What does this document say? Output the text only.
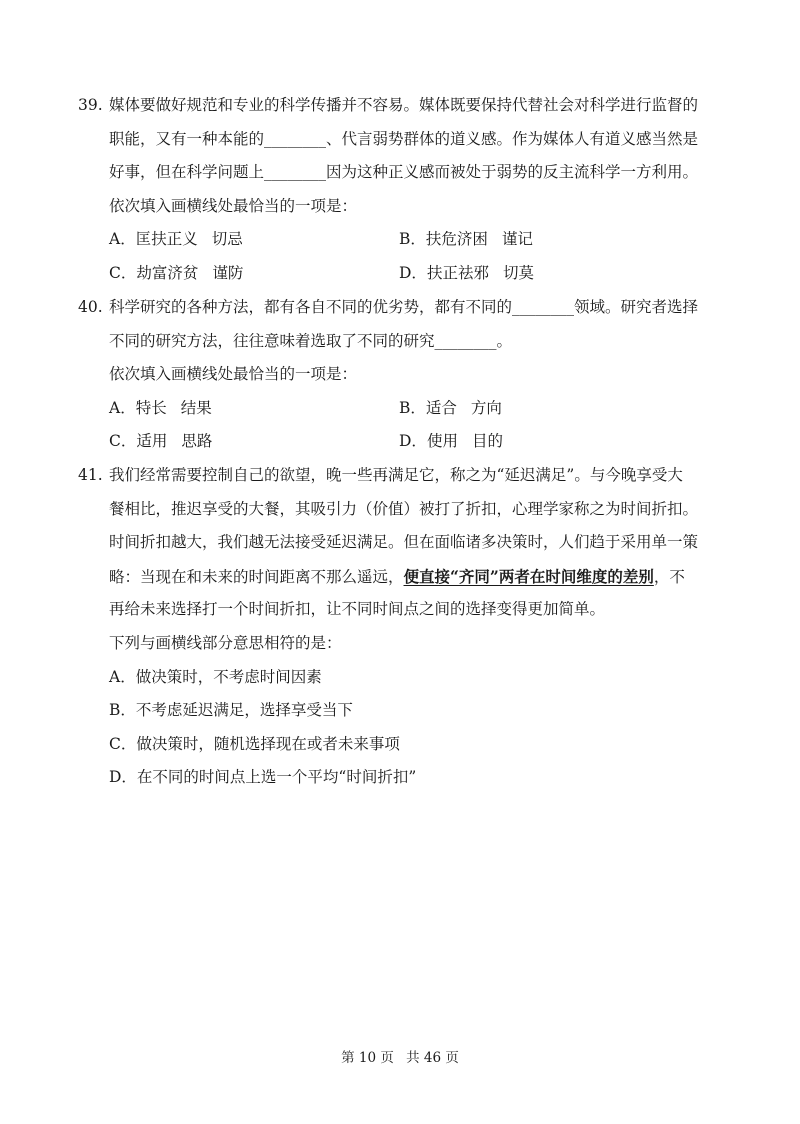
39. 媒体要做好规范和专业的科学传播并不容易。媒体既要保持代替社会对科学进行监督的
职能，又有一种本能的________、代言弱势群体的道义感。作为媒体人有道义感当然是
好事，但在科学问题上________因为这种正义感而被处于弱势的反主流科学一方利用。
依次填入画横线处最恰当的一项是：
A．匡扶正义 切忌	B．扶危济困 谨记
C．劫富济贫 谨防	D．扶正祛邪 切莫
40. 科学研究的各种方法，都有各自不同的优劣势，都有不同的________领域。研究者选择
不同的研究方法，往往意味着选取了不同的研究________。
依次填入画横线处最恰当的一项是：
A．特长 结果	B．适合 方向
C．适用 思路	D．使用 目的
41. 我们经常需要控制自己的欲望，晚一些再满足它，称之为“延迟满足”。与今晚享受大
餐相比，推迟享受的大餐，其吸引力（价值）被打了折扣，心理学家称之为时间折扣。
时间折扣越大，我们越无法接受延迟满足。但在面临诸多决策时，人们趋于采用单一策
略：当现在和未来的时间距离不那么遥远，便直接“齐同”两者在时间维度的差别，不
再给未来选择打一个时间折扣，让不同时间点之间的选择变得更加简单。
下列与画横线部分意思相符的是：
A．做决策时，不考虑时间因素
B．不考虑延迟满足，选择享受当下
C．做决策时，随机选择现在或者未来事项
D．在不同的时间点上选一个平均“时间折扣”
第 10 页 共 46 页
